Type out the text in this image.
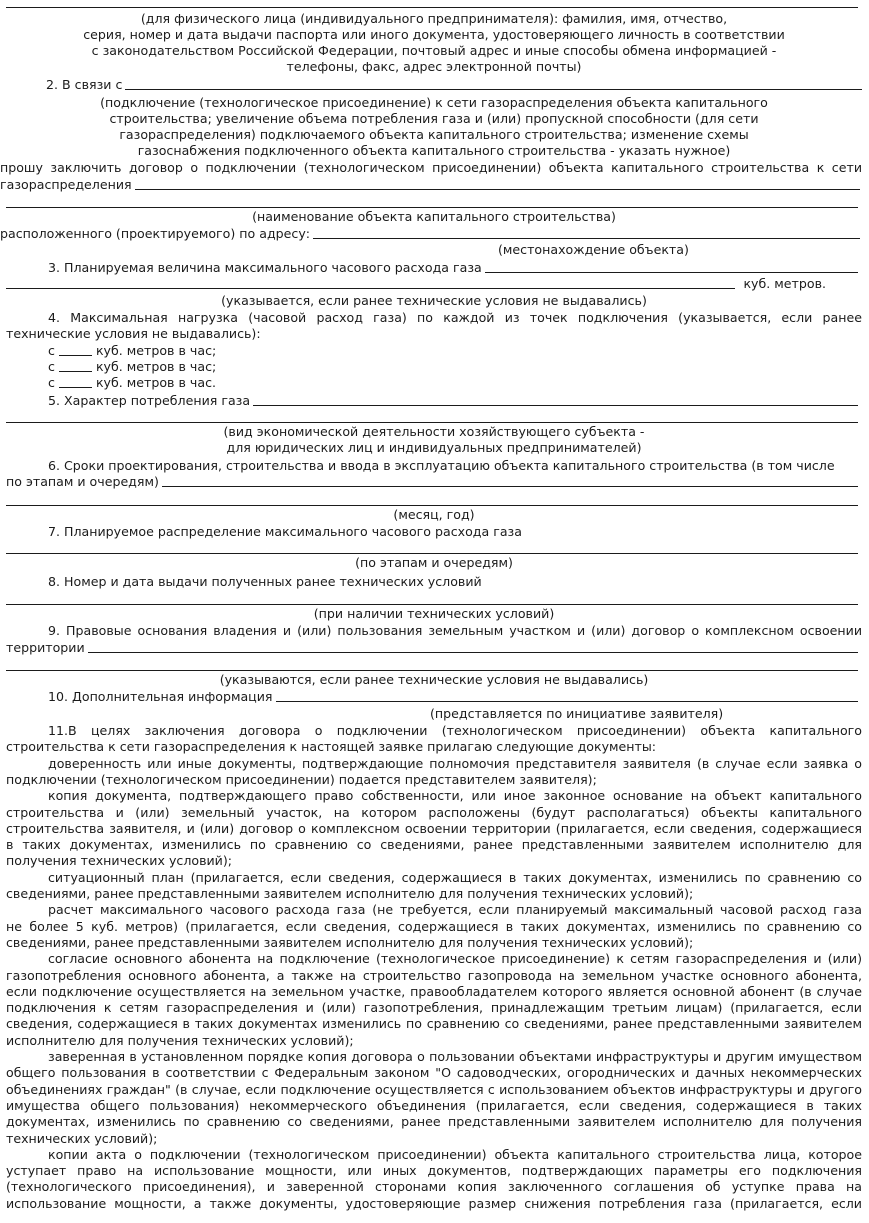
(для физического лица (индивидуального предпринимателя): фамилия, имя, отчество,
серия, номер и дата выдачи паспорта или иного документа, удостоверяющего личность в соответствии
с законодательством Российской Федерации, почтовый адрес и иные способы обмена информацией -
телефоны, факс, адрес электронной почты)
2. В связи с
(подключение (технологическое присоединение) к сети газораспределения объекта капитального
строительства; увеличение объема потребления газа и (или) пропускной способности (для сети
газораспределения) подключаемого объекта капитального строительства; изменение схемы
газоснабжения подключенного объекта капитального строительства - указать нужное)
прошу заключить договор о подключении (технологическом присоединении) объекта капитального строительства к сети
газораспределения
(наименование объекта капитального строительства)
расположенного (проектируемого) по адресу:
(местонахождение объекта)
3. Планируемая величина максимального часового расхода газа
куб. метров.
(указывается, если ранее технические условия не выдавались)
4. Максимальная нагрузка (часовой расход газа) по каждой из точек подключения (указывается, если ранее
технические условия не выдавались):
с	куб. метров в час;
с	куб. метров в час;
с	куб. метров в час.
5. Характер потребления газа
(вид экономической деятельности хозяйствующего субъекта -
для юридических лиц и индивидуальных предпринимателей)
6. Сроки проектирования, строительства и ввода в эксплуатацию объекта капитального строительства (в том числе
по этапам и очередям)
(месяц, год)
7. Планируемое распределение максимального часового расхода газа
(по этапам и очередям)
8. Номер и дата выдачи полученных ранее технических условий
(при наличии технических условий)
9. Правовые основания владения и (или) пользования земельным участком и (или) договор о комплексном освоении
территории
(указываются, если ранее технические условия не выдавались)
10. Дополнительная информация
(представляется по инициативе заявителя)
11.В целях заключения договора о подключении (технологическом присоединении) объекта капитального
строительства к сети газораспределения к настоящей заявке прилагаю следующие документы:
доверенность или иные документы, подтверждающие полномочия представителя заявителя (в случае если заявка о
подключении (технологическом присоединении) подается представителем заявителя);
копия документа, подтверждающего право собственности, или иное законное основание на объект капитального
строительства и (или) земельный участок, на котором расположены (будут располагаться) объекты капитального
строительства заявителя, и (или) договор о комплексном освоении территории (прилагается, если сведения, содержащиеся
в таких документах, изменились по сравнению со сведениями, ранее представленными заявителем исполнителю для
получения технических условий);
ситуационный план (прилагается, если сведения, содержащиеся в таких документах, изменились по сравнению со
сведениями, ранее представленными заявителем исполнителю для получения технических условий);
расчет максимального часового расхода газа (не требуется, если планируемый максимальный часовой расход газа
не более 5 куб. метров) (прилагается, если сведения, содержащиеся в таких документах, изменились по сравнению со
сведениями, ранее представленными заявителем исполнителю для получения технических условий);
согласие основного абонента на подключение (технологическое присоединение) к сетям газораспределения и (или)
газопотребления основного абонента, а также на строительство газопровода на земельном участке основного абонента,
если подключение осуществляется на земельном участке, правообладателем которого является основной абонент (в случае
подключения к сетям газораспределения и (или) газопотребления, принадлежащим третьим лицам) (прилагается, если
сведения, содержащиеся в таких документах изменились по сравнению со сведениями, ранее представленными заявителем
исполнителю для получения технических условий);
заверенная в установленном порядке копия договора о пользовании объектами инфраструктуры и другим имуществом
общего пользования в соответствии с Федеральным законом "О садоводческих, огороднических и дачных некоммерческих
объединениях граждан" (в случае, если подключение осуществляется с использованием объектов инфраструктуры и другого
имущества общего пользования) некоммерческого объединения (прилагается, если сведения, содержащиеся в таких
документах, изменились по сравнению со сведениями, ранее представленными заявителем исполнителю для получения
технических условий);
копии акта о подключении (технологическом присоединении) объекта капитального строительства лица, которое
уступает право на использование мощности, или иных документов, подтверждающих параметры его подключения
(технологического присоединения), и заверенной сторонами копия заключенного соглашения об уступке права на
использование мощности, а также документы, удостоверяющие размер снижения потребления газа (прилагается, если
